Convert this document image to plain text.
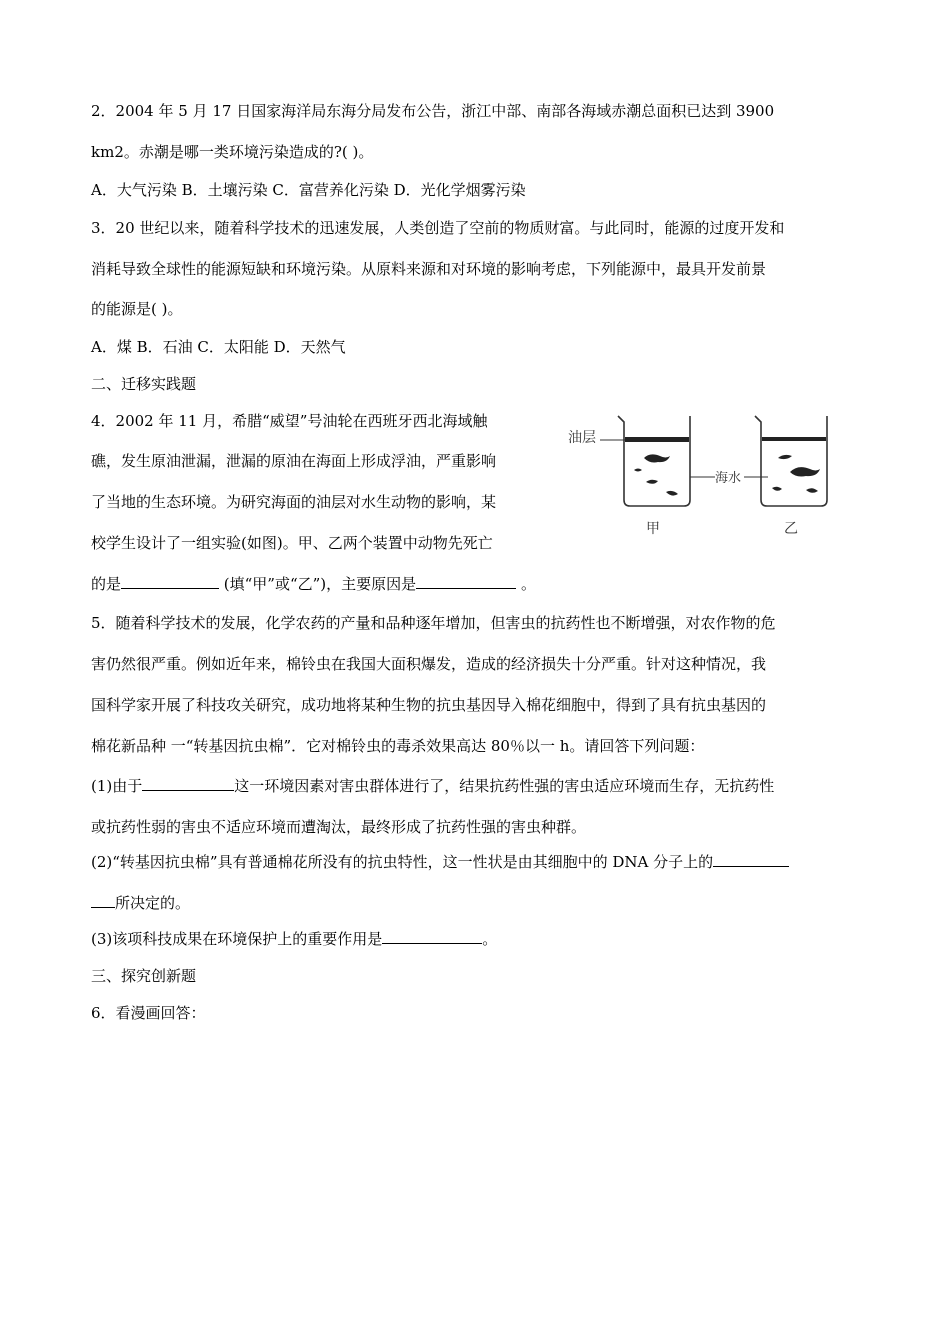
2．2004 年 5 月 17 日国家海洋局东海分局发布公告，浙江中部、南部各海域赤潮总面积已达到 3900

km2。赤潮是哪一类环境污染造成的?( )。

A．大气污染 B．土壤污染 C．富营养化污染 D．光化学烟雾污染

3．20 世纪以来，随着科学技术的迅速发展，人类创造了空前的物质财富。与此同时，能源的过度开发和

消耗导致全球性的能源短缺和环境污染。从原料来源和对环境的影响考虑，下列能源中，最具开发前景

的能源是( )。

A．煤 B．石油 C．太阳能 D．天然气

二、迁移实践题

4．2002 年 11 月，希腊“威望”号油轮在西班牙西北海域触

礁，发生原油泄漏，泄漏的原油在海面上形成浮油，严重影响

了当地的生态环境。为研究海面的油层对水生动物的影响，某

校学生设计了一组实验(如图)。甲、乙两个装置中动物先死亡

的是	(填“甲”或“乙”)，主要原因是	。

油层
甲
海水
乙

5．随着科学技术的发展，化学农药的产量和品种逐年增加，但害虫的抗药性也不断增强，对农作物的危

害仍然很严重。例如近年来，棉铃虫在我国大面积爆发，造成的经济损失十分严重。针对这种情况，我

国科学家开展了科技攻关研究，成功地将某种生物的抗虫基因导入棉花细胞中，得到了具有抗虫基因的

棉花新品种 一“转基因抗虫棉”．它对棉铃虫的毒杀效果高达 80％以一 h。请回答下列问题：

(1)由于	这一环境因素对害虫群体进行了，结果抗药性强的害虫适应环境而生存，无抗药性

或抗药性弱的害虫不适应环境而遭淘汰，最终形成了抗药性强的害虫种群。

(2)“转基因抗虫棉”具有普通棉花所没有的抗虫特性，这一性状是由其细胞中的 DNA 分子上的

所决定的。

(3)该项科技成果在环境保护上的重要作用是	。

三、探究创新题

6．看漫画回答：
